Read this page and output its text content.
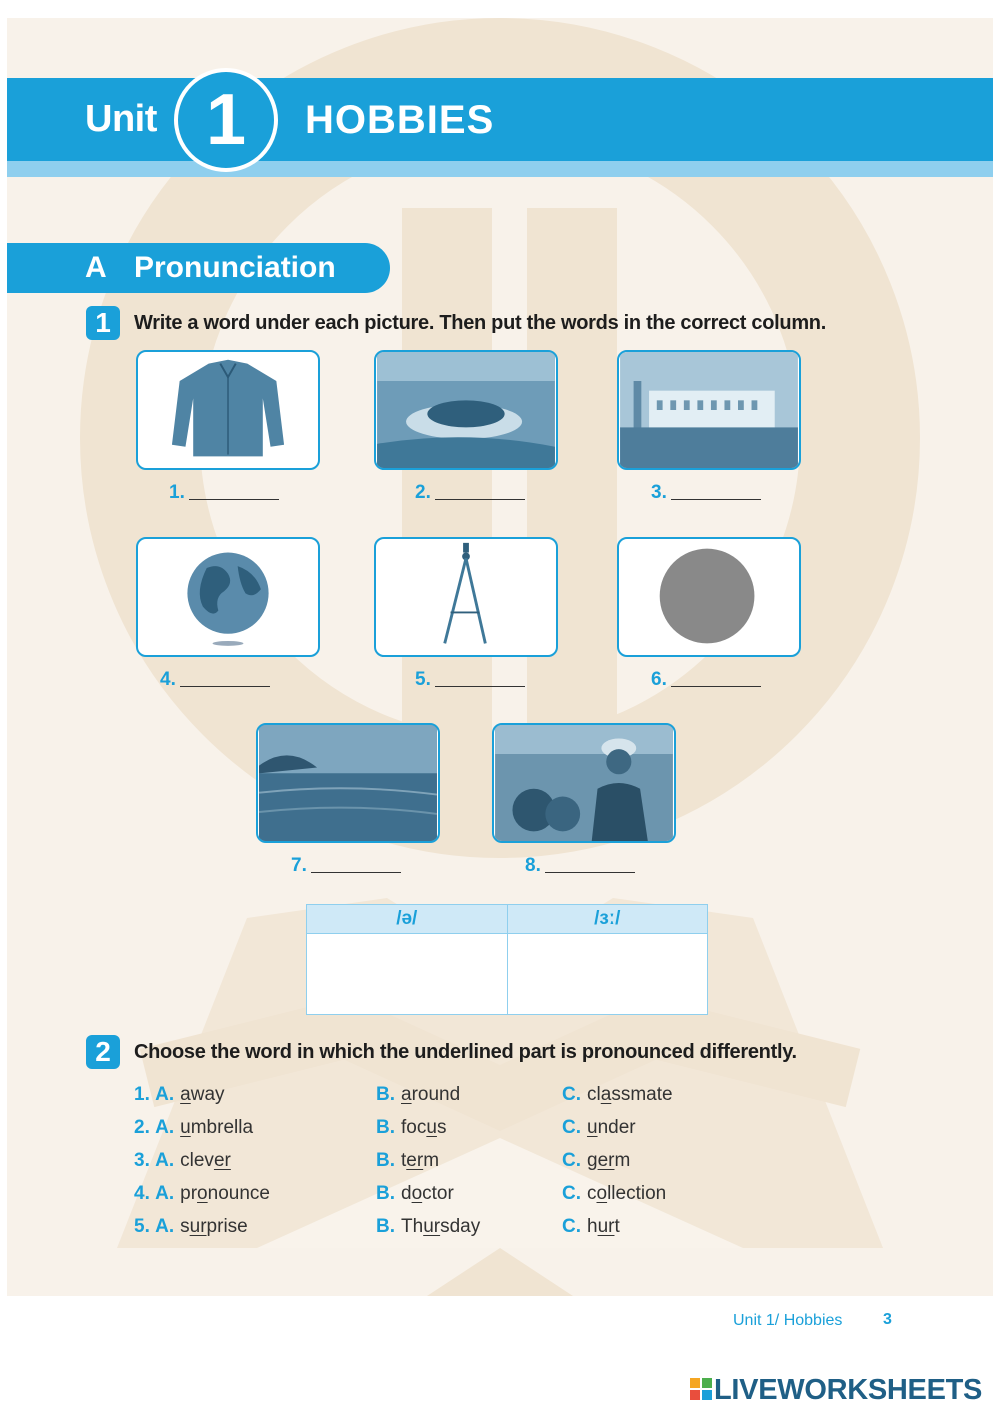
Unit 1	HOBBIES
A Pronunciation
1	Write a word under each picture. Then put the words in the correct column.
1.	2.	3.
4.	5.	6.
7.	8.
/ə/	/ɜː/

2	Choose the word in which the underlined part is pronounced differently.
1. A. away	B. around	C. classmate
2. A. umbrella	B. focus	C. under
3. A. clever	B. term	C. germ
4. A. pronounce	B. doctor	C. collection
5. A. surprise	B. Thursday	C. hurt
Unit 1/ Hobbies	3
LIVEWORKSHEETS
